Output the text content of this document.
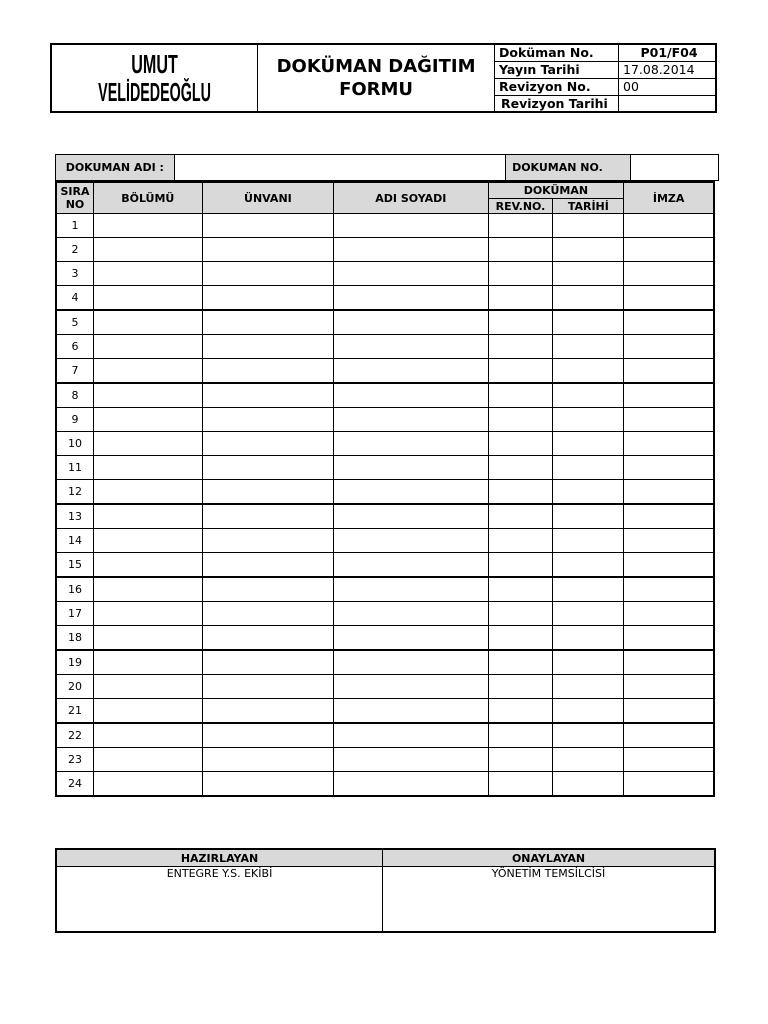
UMUT
VELİDEDEOĞLU	DOKÜMAN DAĞITIM
FORMU	Doküman No.	P01/F04
		Yayın Tarihi	17.08.2014
		Revizyon No.	00
		Revizyon Tarihi	
DOKUMAN ADI :		DOKUMAN NO.	
SIRA NO	BÖLÜMÜ	ÜNVANI	ADI SOYADI	DOKÜMAN		İMZA
				REV.NO.	TARİHİ	
1						
2						
3						
4						
5						
6						
7						
8						
9						
10						
11						
12						
13						
14						
15						
16						
17						
18						
19						
20						
21						
22						
23						
24						
HAZIRLAYAN	ONAYLAYAN
ENTEGRE Y.S. EKİBİ	YÖNETİM TEMSİLCİSİ
